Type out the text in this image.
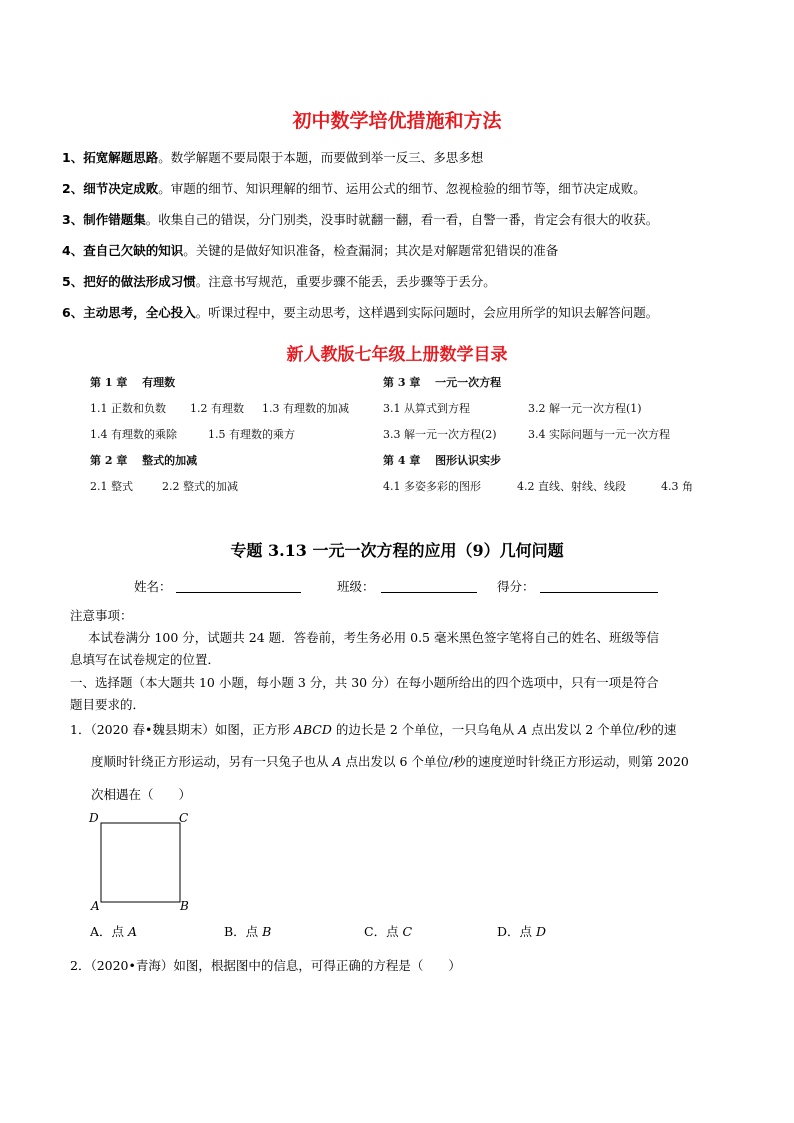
初中数学培优措施和方法
1、拓宽解题思路。数学解题不要局限于本题，而要做到举一反三、多思多想
2、细节决定成败。审题的细节、知识理解的细节、运用公式的细节、忽视检验的细节等，细节决定成败。
3、制作错题集。收集自己的错误，分门别类，没事时就翻一翻，看一看，自警一番，肯定会有很大的收获。
4、查自己欠缺的知识。关键的是做好知识准备，检查漏洞；其次是对解题常犯错误的准备
5、把好的做法形成习惯。注意书写规范，重要步骤不能丢，丢步骤等于丢分。
6、主动思考，全心投入。听课过程中，要主动思考，这样遇到实际问题时，会应用所学的知识去解答问题。
新人教版七年级上册数学目录
第 1 章　 有理数
1.1 正数和负数 1.2 有理数 1.3 有理数的加减
1.4 有理数的乘除	1.5 有理数的乘方
第 2 章　 整式的加减
2.1 整式	2.2 整式的加减
第 3 章　 一元一次方程
3.1 从算式到方程	3.2 解一元一次方程(1)
3.3 解一元一次方程(2)	3.4 实际问题与一元一次方程
第 4 章　 图形认识实步
4.1 多姿多彩的图形	4.2 直线、射线、线段	4.3 角
专题 3.13 一元一次方程的应用（9）几何问题
姓名：	班级：	得分：
注意事项：
本试卷满分 100 分，试题共 24 题．答卷前，考生务必用 0.5 毫米黑色签字笔将自己的姓名、班级等信
息填写在试卷规定的位置．
一、选择题（本大题共 10 小题，每小题 3 分，共 30 分）在每小题所给出的四个选项中，只有一项是符合
题目要求的．
1．（2020 春•魏县期末）如图，正方形 ABCD 的边长是 2 个单位，一只乌龟从 A 点出发以 2 个单位/秒的速
度顺时针绕正方形运动，另有一只兔子也从 A 点出发以 6 个单位/秒的速度逆时针绕正方形运动，则第 2020
次相遇在（　　）
D	C
A	B
A．点 A	B．点 B	C．点 C	D．点 D
2．（2020•青海）如图，根据图中的信息，可得正确的方程是（　　）
